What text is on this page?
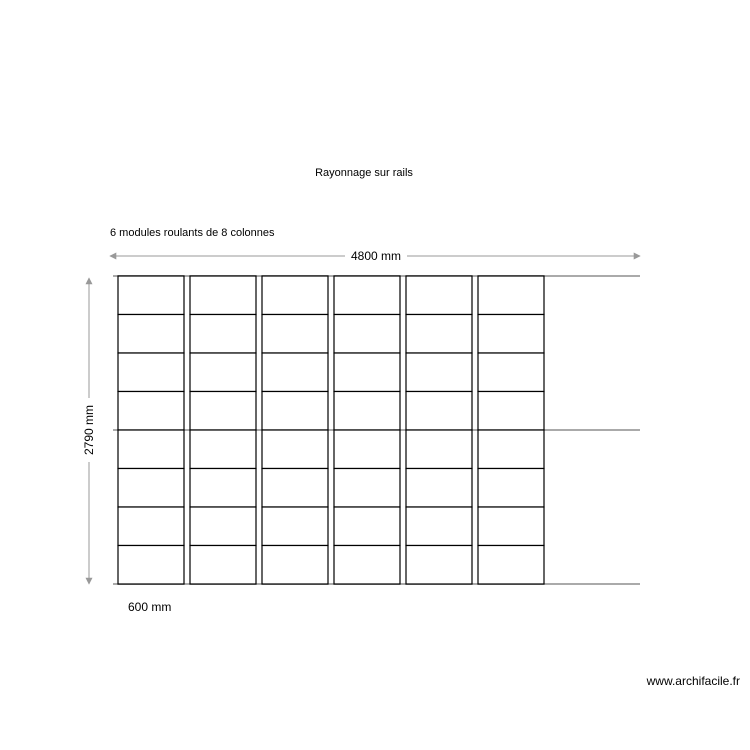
Rayonnage sur rails
6 modules roulants de 8 colonnes
4800 mm
2790 mm
600 mm
www.archifacile.fr
